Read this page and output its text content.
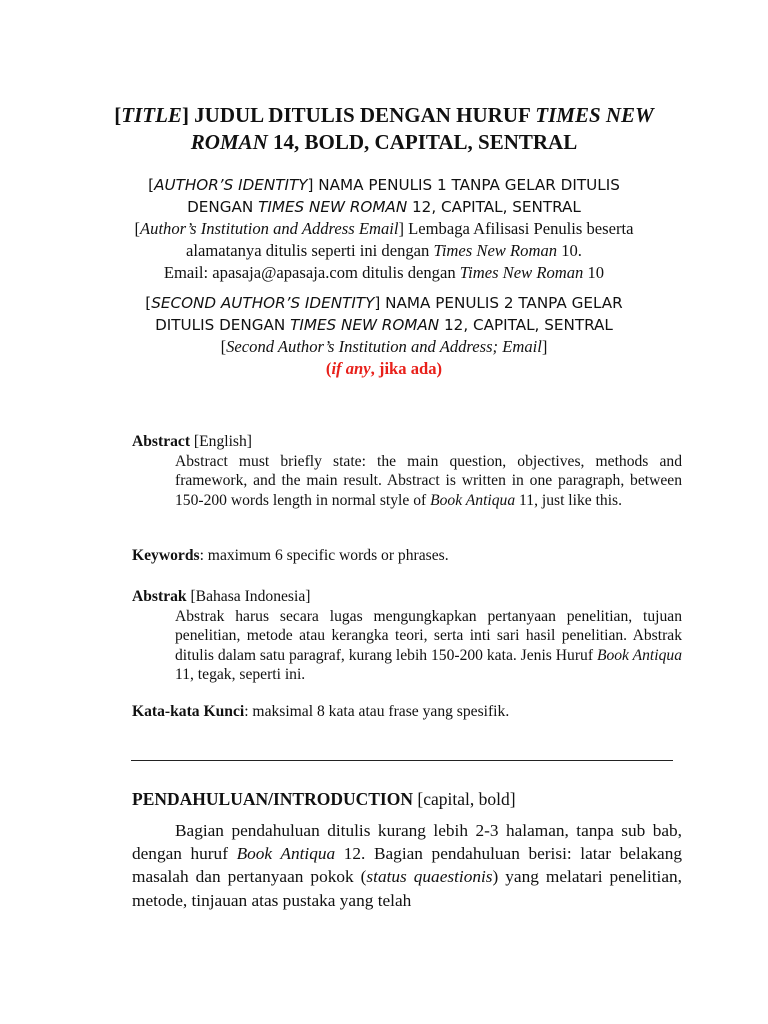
[TITLE] JUDUL DITULIS DENGAN HURUF TIMES NEW ROMAN 14, BOLD, CAPITAL, SENTRAL

[AUTHOR’S IDENTITY] NAMA PENULIS 1 TANPA GELAR DITULIS DENGAN TIMES NEW ROMAN 12, CAPITAL, SENTRAL

[Author’s Institution and Address Email] Lembaga Afilisasi Penulis beserta alamatanya ditulis seperti ini dengan Times New Roman 10.

Email: apasaja@apasaja.com ditulis dengan Times New Roman 10

[SECOND AUTHOR’S IDENTITY] NAMA PENULIS 2 TANPA GELAR DITULIS DENGAN TIMES NEW ROMAN 12, CAPITAL, SENTRAL

[Second Author’s Institution and Address; Email]

(if any, jika ada)

Abstract [English]

Abstract must briefly state: the main question, objectives, methods and framework, and the main result. Abstract is written in one paragraph, between 150-200 words length in normal style of Book Antiqua 11, just like this.

Keywords: maximum 6 specific words or phrases.

Abstrak [Bahasa Indonesia]

Abstrak harus secara lugas mengungkapkan pertanyaan penelitian, tujuan penelitian, metode atau kerangka teori, serta inti sari hasil penelitian. Abstrak ditulis dalam satu paragraf, kurang lebih 150-200 kata. Jenis Huruf Book Antiqua 11, tegak, seperti ini.

Kata-kata Kunci: maksimal 8 kata atau frase yang spesifik.

PENDAHULUAN/INTRODUCTION [capital, bold]

Bagian pendahuluan ditulis kurang lebih 2-3 halaman, tanpa sub bab, dengan huruf Book Antiqua 12. Bagian pendahuluan berisi: latar belakang masalah dan pertanyaan pokok (status quaestionis) yang melatari penelitian, metode, tinjauan atas pustaka yang telah
